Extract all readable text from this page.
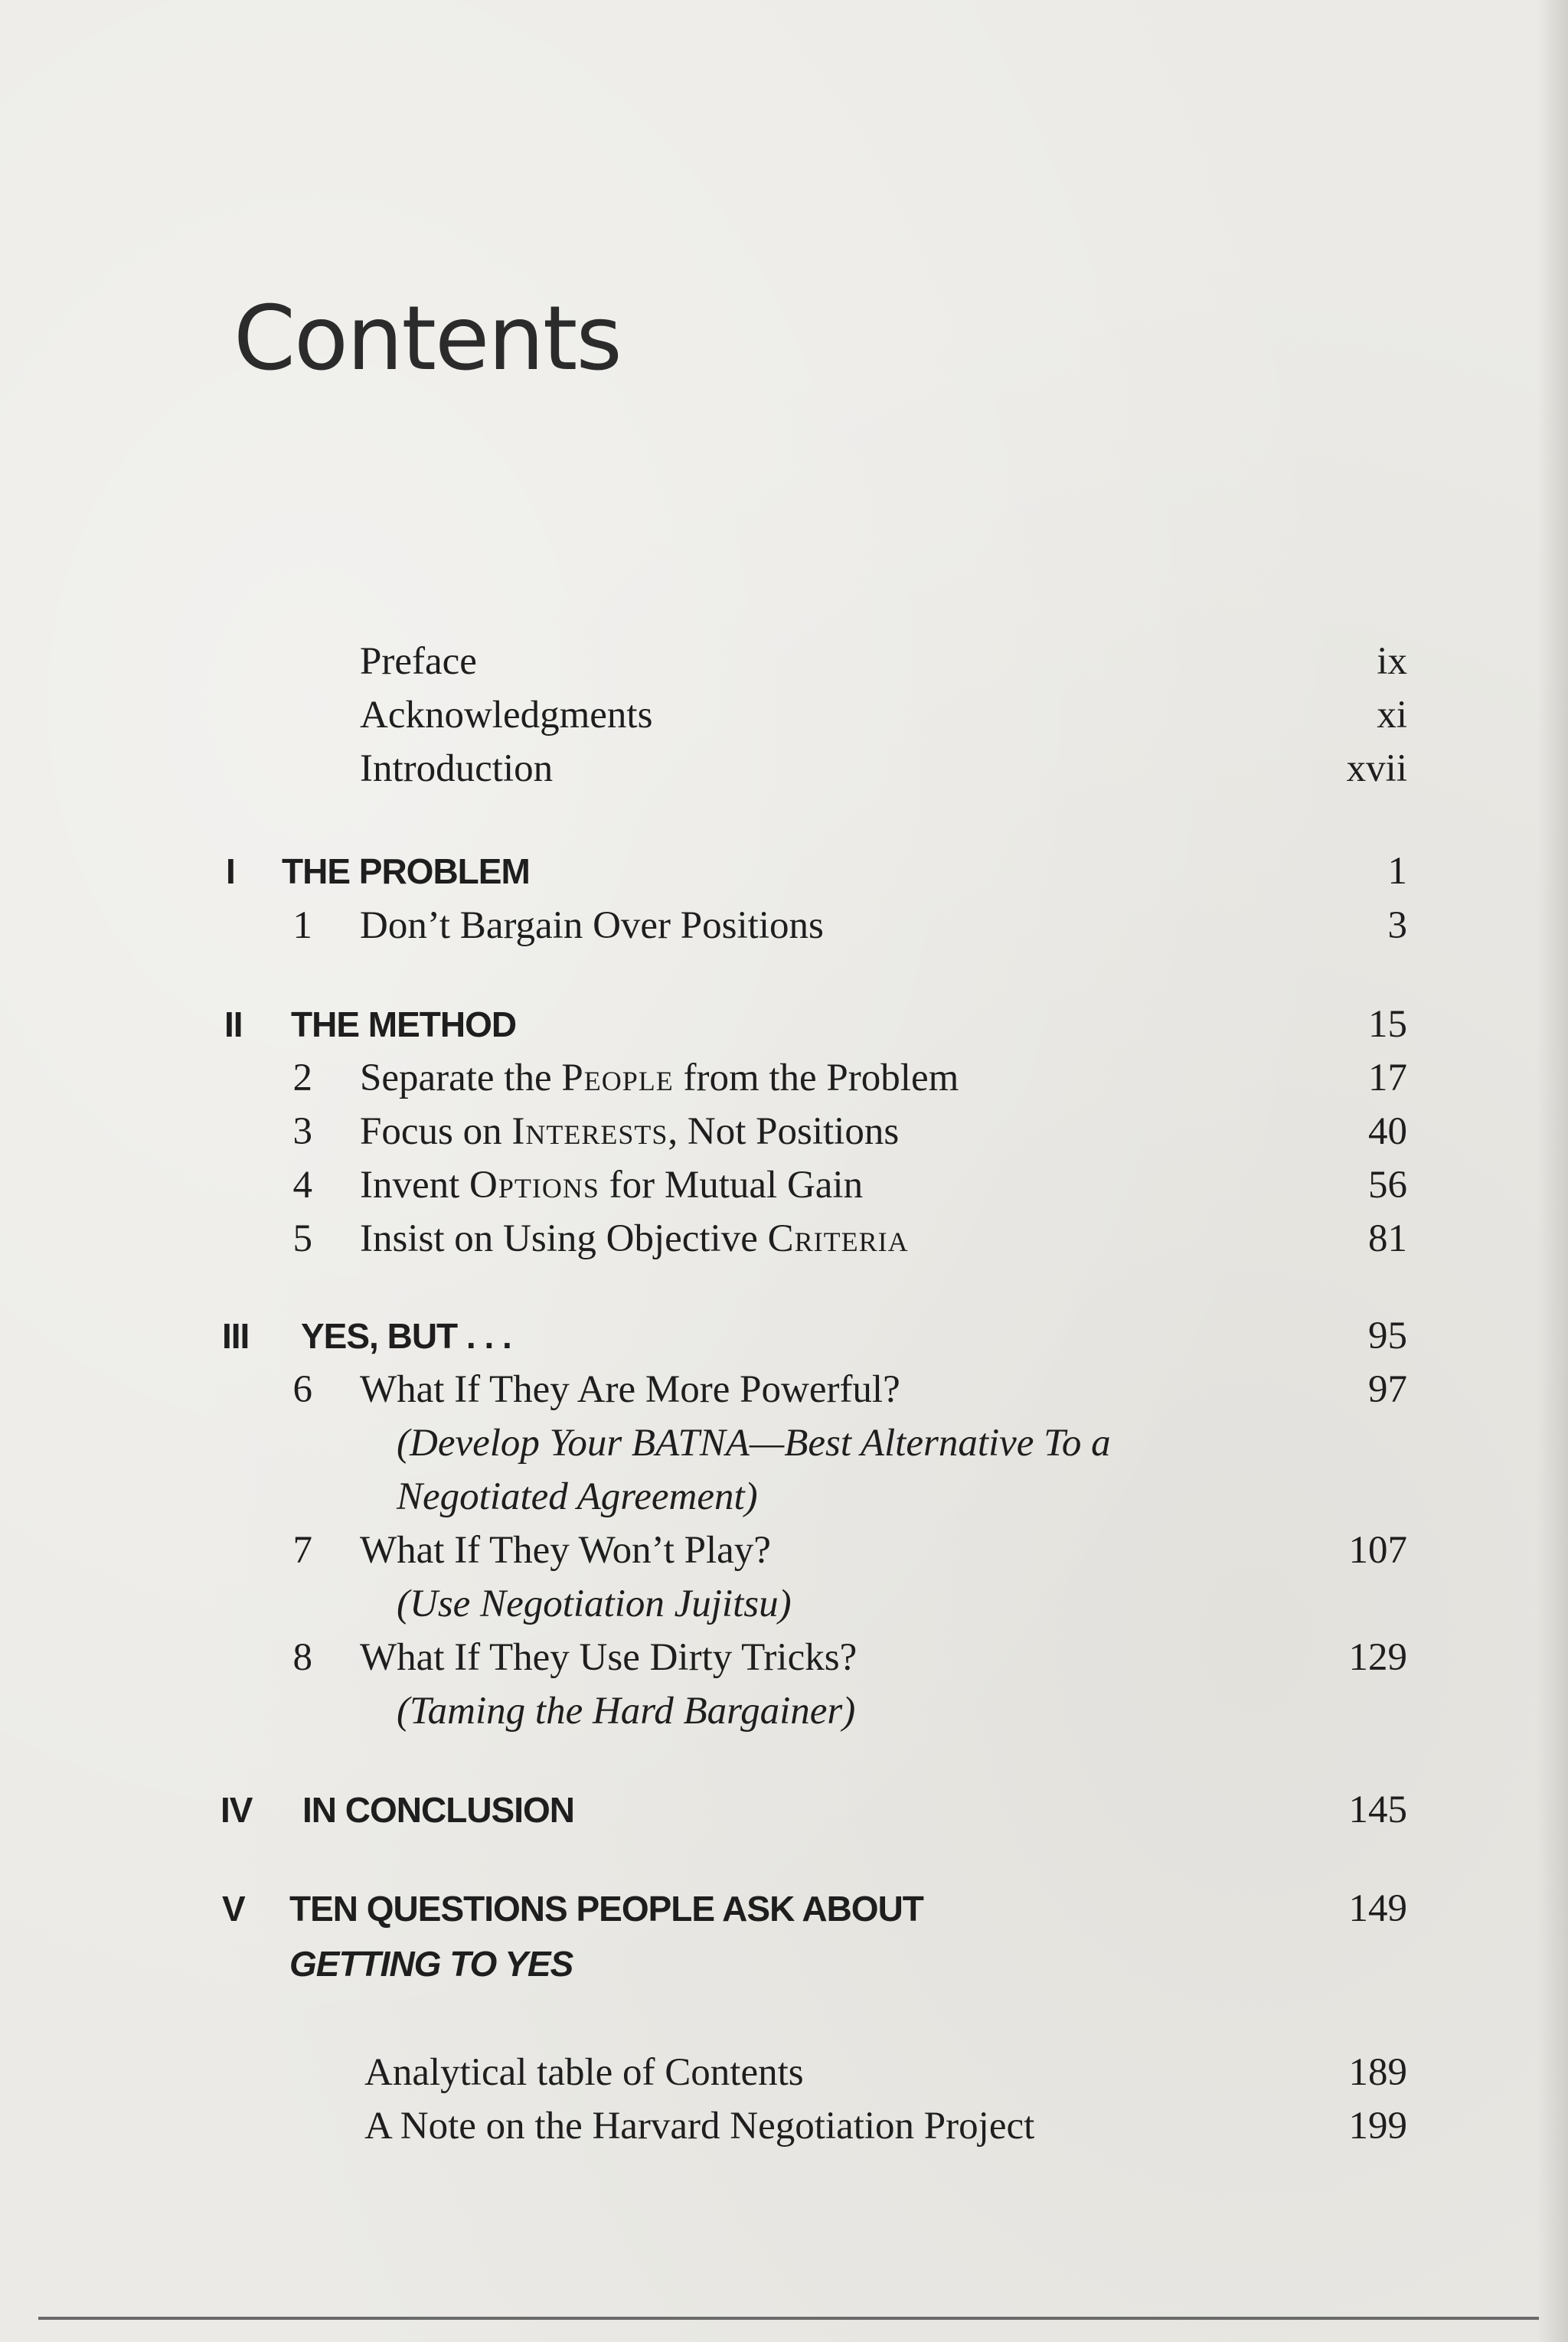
Contents
Preface	ix
Acknowledgments	xi
Introduction	xvii
I THE PROBLEM	1
1 Don’t Bargain Over Positions	3
II THE METHOD	15
2 Separate the People from the Problem	17
3 Focus on Interests, Not Positions	40
4 Invent Options for Mutual Gain	56
5 Insist on Using Objective Criteria	81
III YES, BUT . . .	95
6 What If They Are More Powerful?	97
(Develop Your BATNA—Best Alternative To a
Negotiated Agreement)
7 What If They Won’t Play?	107
(Use Negotiation Jujitsu)
8 What If They Use Dirty Tricks?	129
(Taming the Hard Bargainer)
IV IN CONCLUSION	145
V TEN QUESTIONS PEOPLE ASK ABOUT	149
GETTING TO YES
Analytical table of Contents	189
A Note on the Harvard Negotiation Project	199
